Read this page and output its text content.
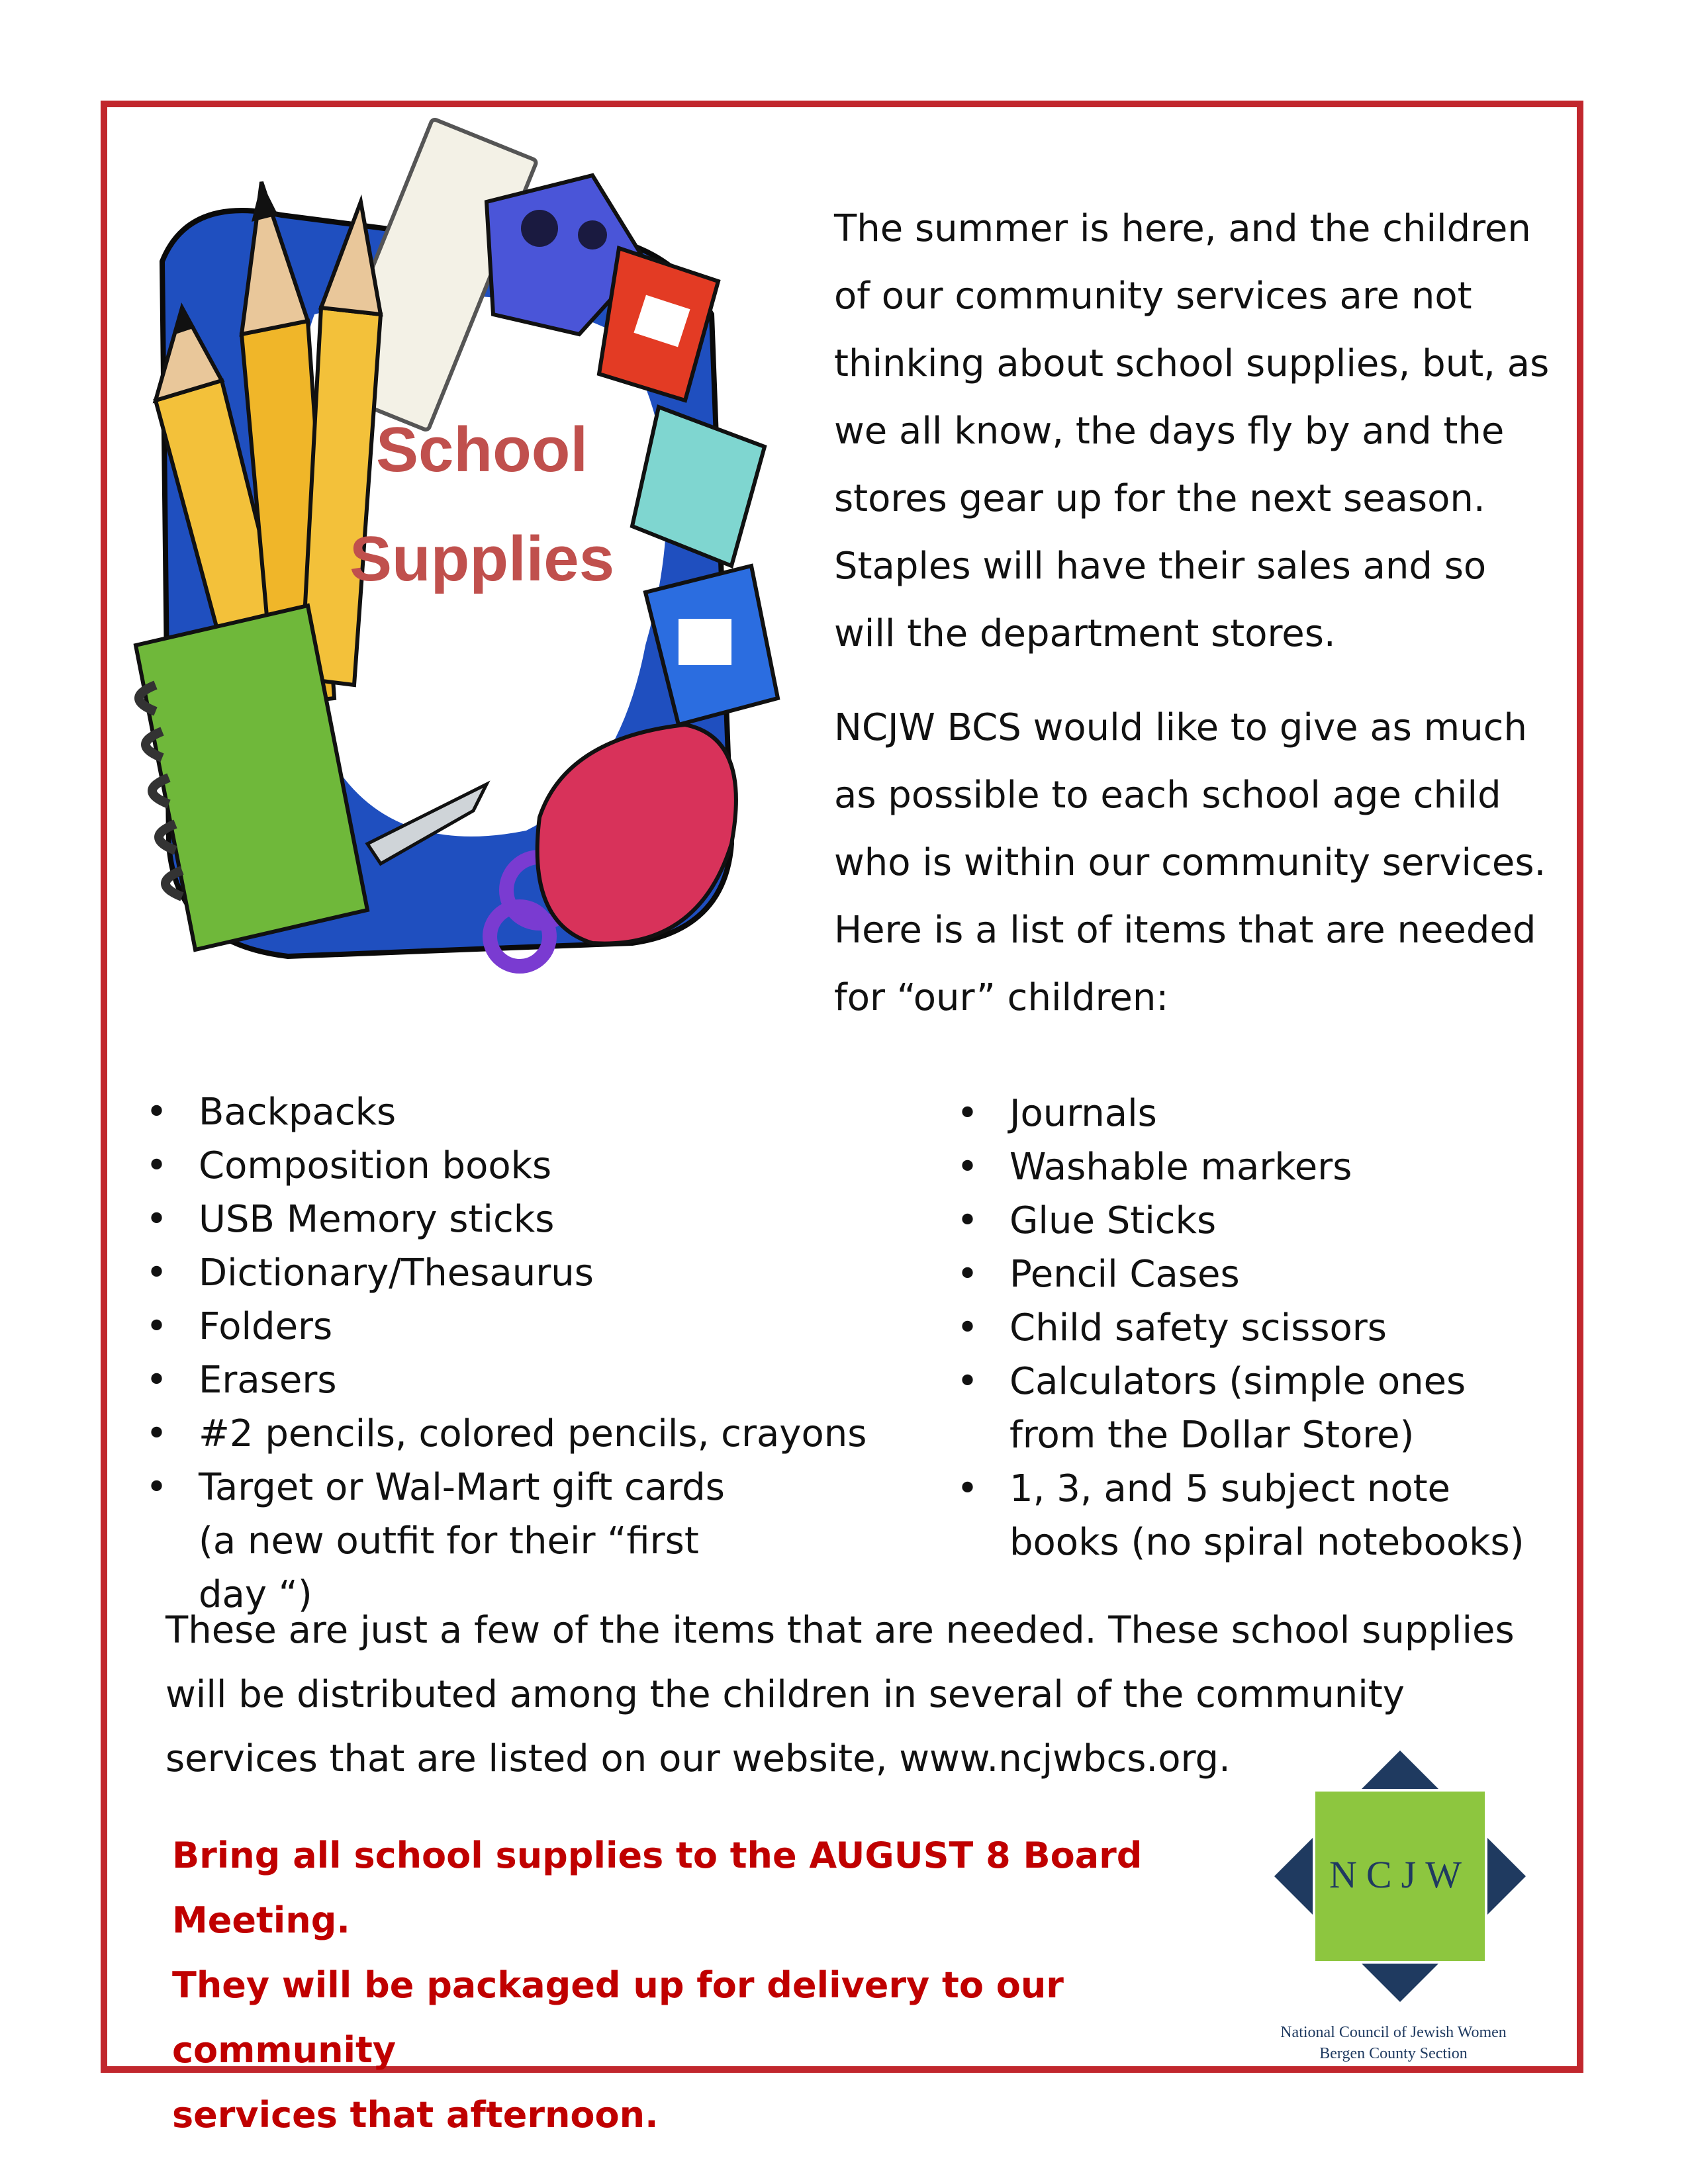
School
Supplies

The summer is here, and the children of our community services are not thinking about school supplies, but, as we all know, the days fly by and the stores gear up for the next season. Staples will have their sales and so will the department stores.

NCJW BCS would like to give as much as possible to each school age child who is within our community services. Here is a list of items that are needed for “our” children:

• Backpacks
• Composition books
• USB Memory sticks
• Dictionary/Thesaurus
• Folders
• Erasers
• #2 pencils, colored pencils, crayons
• Target or Wal-Mart gift cards (a new outfit for their “first day “)
• Journals
• Washable markers
• Glue Sticks
• Pencil Cases
• Child safety scissors
• Calculators (simple ones from the Dollar Store)
• 1, 3, and 5 subject note books (no spiral notebooks)
These are just a few of the items that are needed. These school supplies will be distributed among the children in several of the community services that are listed on our website, www.ncjwbcs.org.

Bring all school supplies to the AUGUST 8 Board Meeting.

They will be packaged up for delivery to our community

services that afternoon.

NCJW
National Council of Jewish Women
Bergen County Section
